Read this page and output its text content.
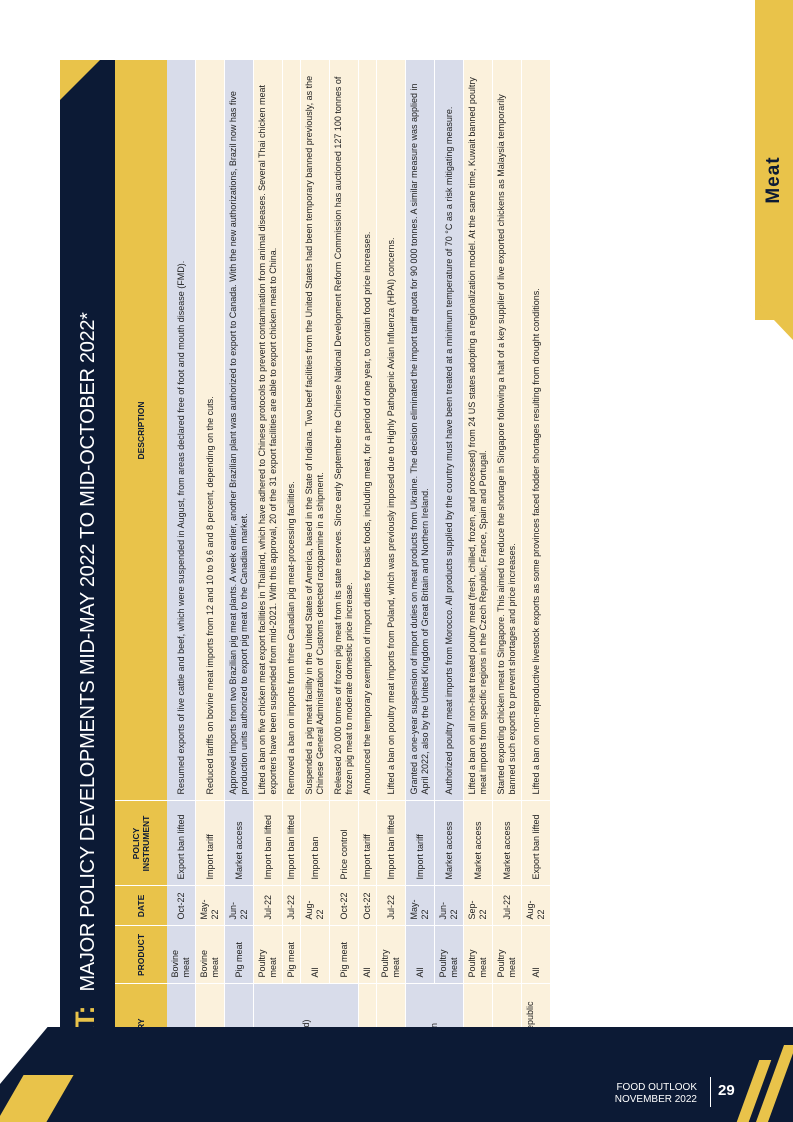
Meat
MAJOR POLICY DEVELOPMENTS MID-MAY 2022 TO MID-OCTOBER 2022*
		PRODUCT	DATE	POLICY INSTRUMENT	DESCRIPTION
	Bovine meat	Oct-22	Export ban lifted	Resumed exports of live cattle and beef, which were suspended in August, from areas declared free of foot and mouth disease (FMD).
	Bovine meat	May-22	Import tariff	Reduced tariffs on bovine meat imports from 12 and 10 to 9.6 and 8 percent, depending on the cuts.
	Pig meat	Jun-22	Market access	Approved imports from two Brazilian pig meat plants. A week earlier, another Brazilian plant was authorized to export to Canada. With the new authorizations, Brazil now has five production units authorized to export pig meat to the Canadian market.
	Poultry meat	Jul-22	Import ban lifted	Lifted a ban on five chicken meat export facilities in Thailand, which have adhered to Chinese protocols to prevent contamination from animal diseases. Several Thai chicken meat exporters have been suspended from mid-2021. With this approval, 20 of the 31 export facilities are able to export chicken meat to China.
	Pig meat	Jul-22	Import ban lifted	Removed a ban on imports from three Canadian pig meat-processing facilities.
	All	Aug-22	Import ban	Suspended a pig meat facility in the United States of America, based in the State of Indiana. Two beef facilities from the United States had been temporary banned previously, as the Chinese General Administration of Customs detected ractopamine in a shipment.
	Pig meat	Oct-22	Price control	Released 20 000 tonnes of frozen pig meat from its state reserves. Since early September the Chinese National Development Reform Commission has auctioned 127 100 tonnes of frozen pig meat to moderate domestic price increase.
	All	Oct-22	Import tariff	Announced the temporary exemption of import duties for basic foods, including meat, for a period of one year, to contain food price increases.
	Poultry meat	Jul-22	Import ban lifted	Lifted a ban on poultry meat imports from Poland, which was previously imposed due to Highly Pathogenic Avian Influenza (HPAI) concerns.
	All	May-22	Import tariff	Granted a one-year suspension of import duties on meat products from Ukraine. The decision eliminated the import tariff quota for 90 000 tonnes. A similar measure was applied in April 2022, also by the United Kingdom of Great Britain and Northern Ireland.
	Poultry meat	Jun-22	Market access	Authorized poultry meat imports from Morocco. All products supplied by the country must have been treated at a minimum temperature of 70 °C as a risk mitigating measure.
	Poultry meat	Sep-22	Market access	Lifted a ban on all non-heat treated poultry meat (fresh, chilled, frozen, and processed) from 24 US states adopting a regionalization model. At the same time, Kuwait banned poultry meat imports from specific regions in the Czech Republic, France, Spain and Portugal.
	Poultry meat	Jul-22	Market access	Started exporting chicken meat to Singapore. This aimed to reduce the shortage in Singapore following a halt of a key supplier of live exported chickens as Malaysia temporarily banned such exports to prevent shortages and price increases.
	All	Aug-22	Export ban lifted	Lifted a ban on non-reproductive livestock exports as some provinces faced fodder shortages resulting from drought conditions.
FOOD OUTLOOK
NOVEMBER 2022
29
